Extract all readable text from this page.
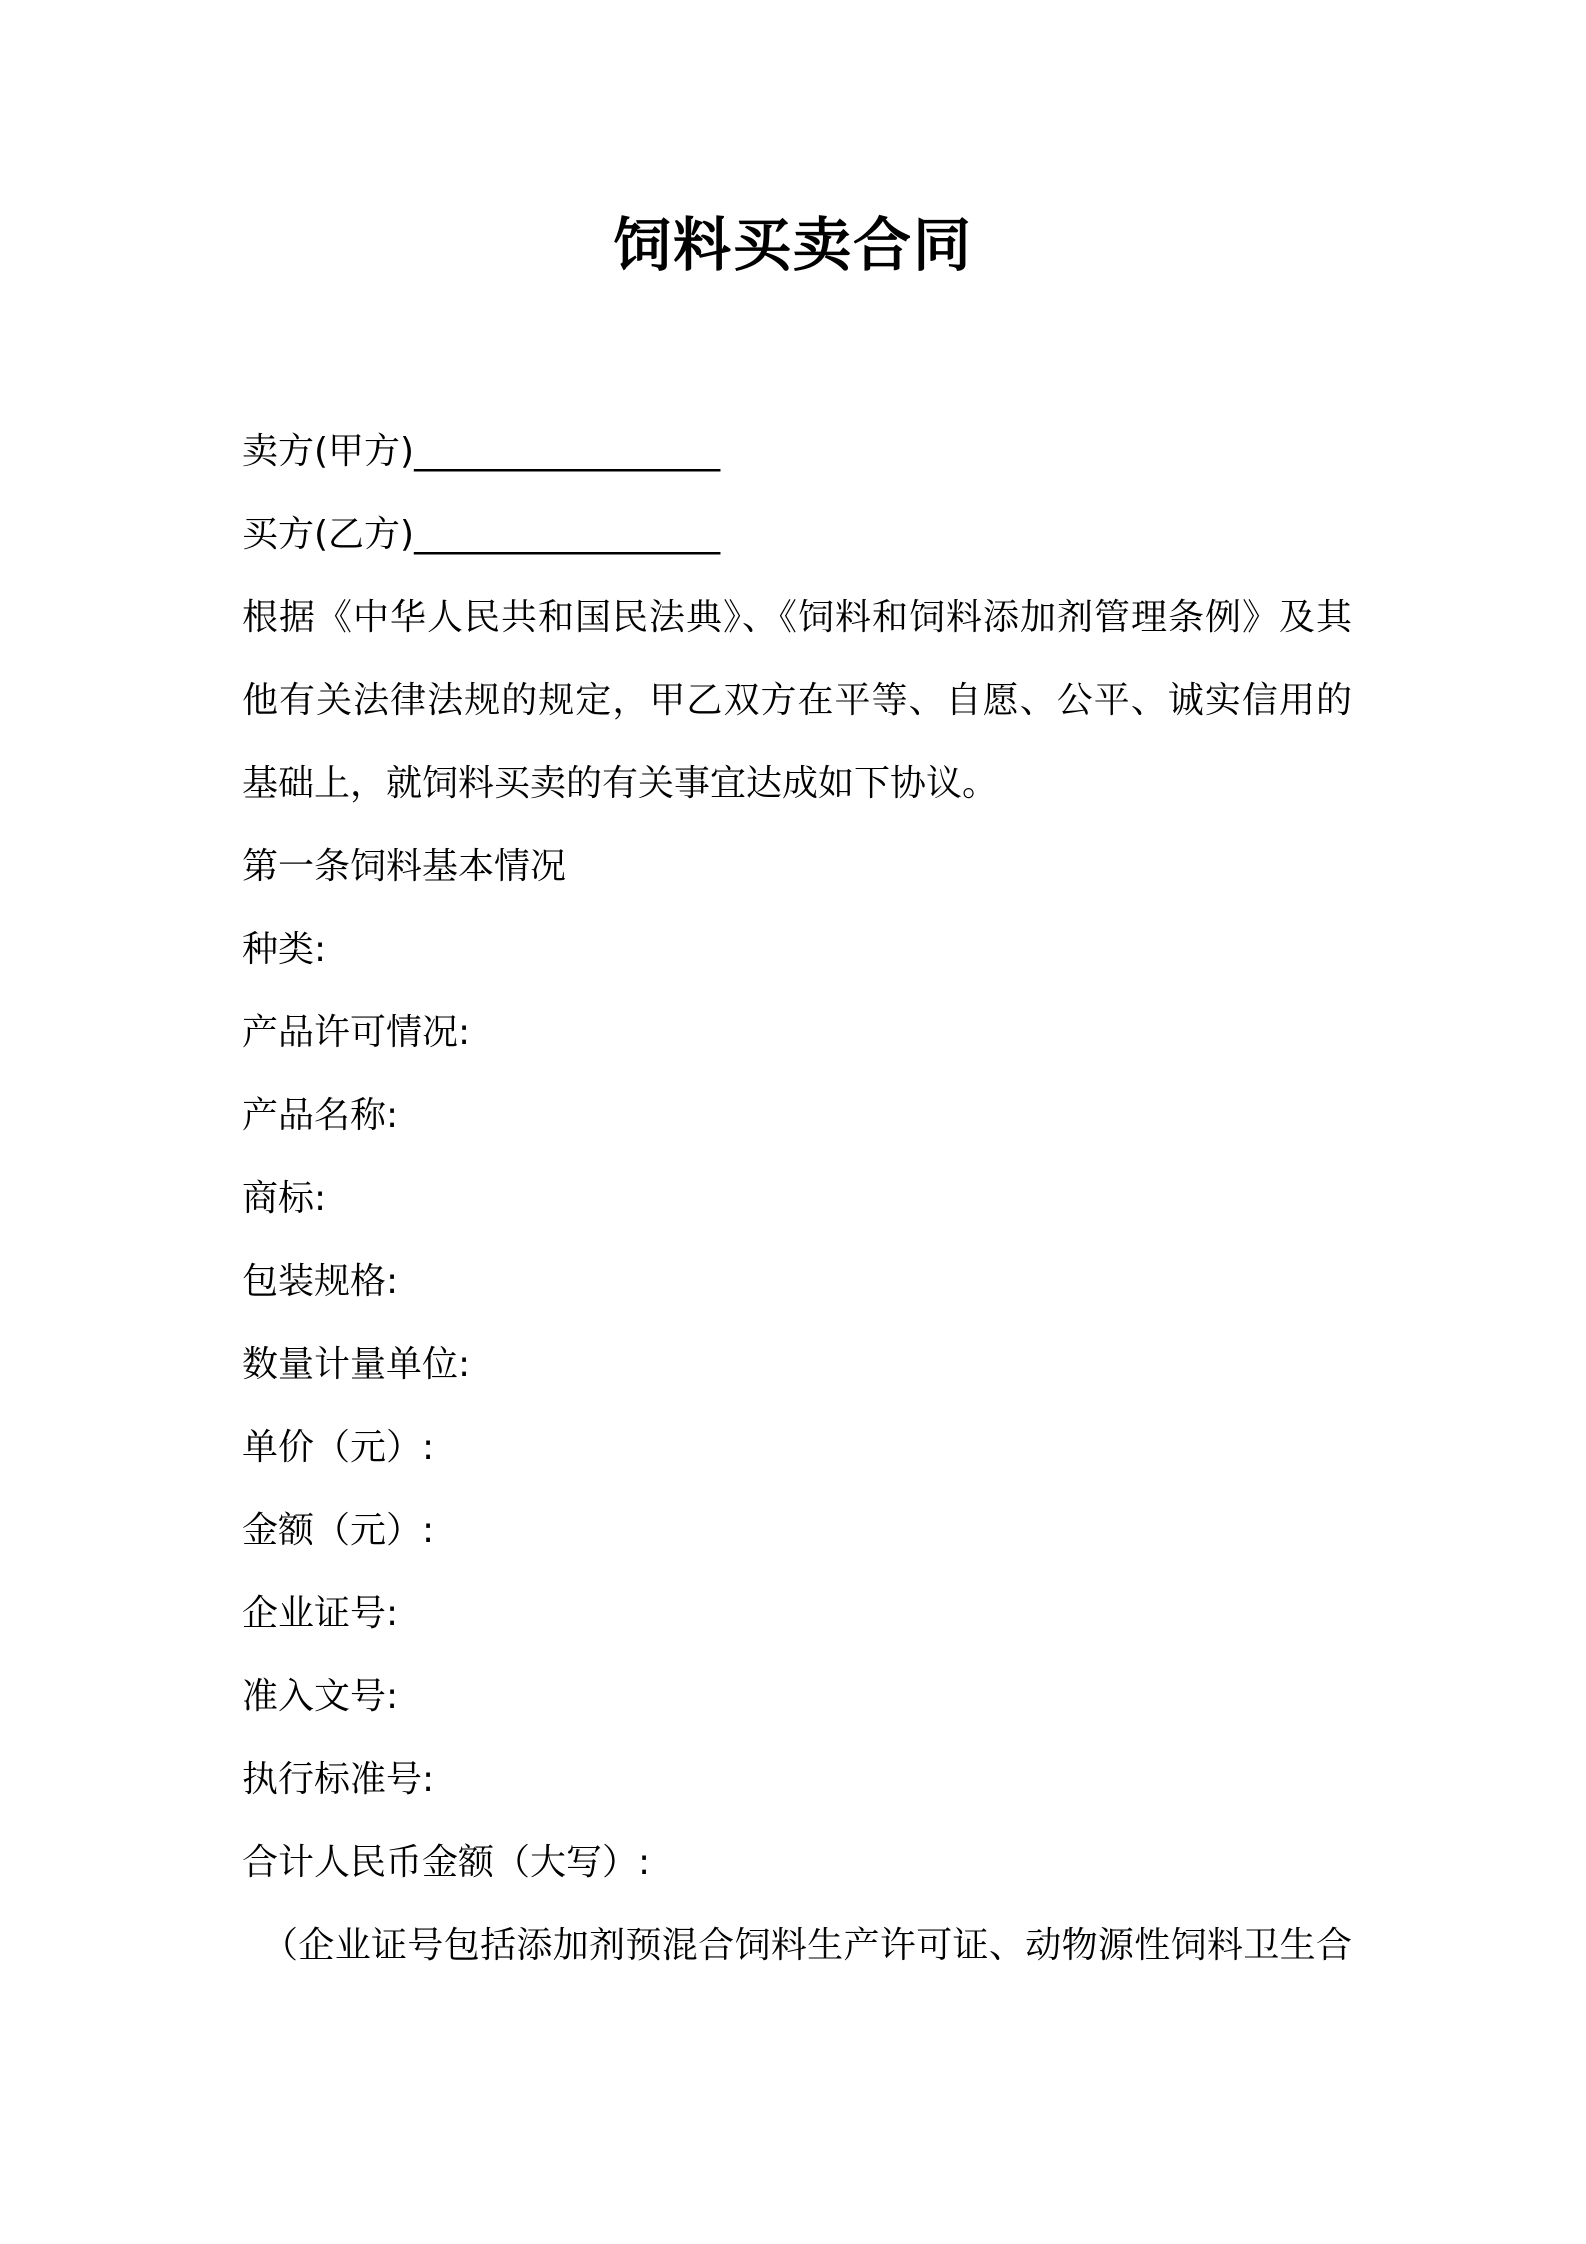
饲料买卖合同
卖方(甲方)_________________
买方(乙方)_________________
根据《中华人民共和国民法典》、《饲料和饲料添加剂管理条例》及其
他有关法律法规的规定，甲乙双方在平等、自愿、公平、诚实信用的
基础上，就饲料买卖的有关事宜达成如下协议。
第一条饲料基本情况
种类:
产品许可情况:
产品名称:
商标:
包装规格:
数量计量单位:
单价（元）:
金额（元）:
企业证号:
准入文号:
执行标准号:
合计人民币金额（大写）:
（企业证号包括添加剂预混合饲料生产许可证、动物源性饲料卫生合
